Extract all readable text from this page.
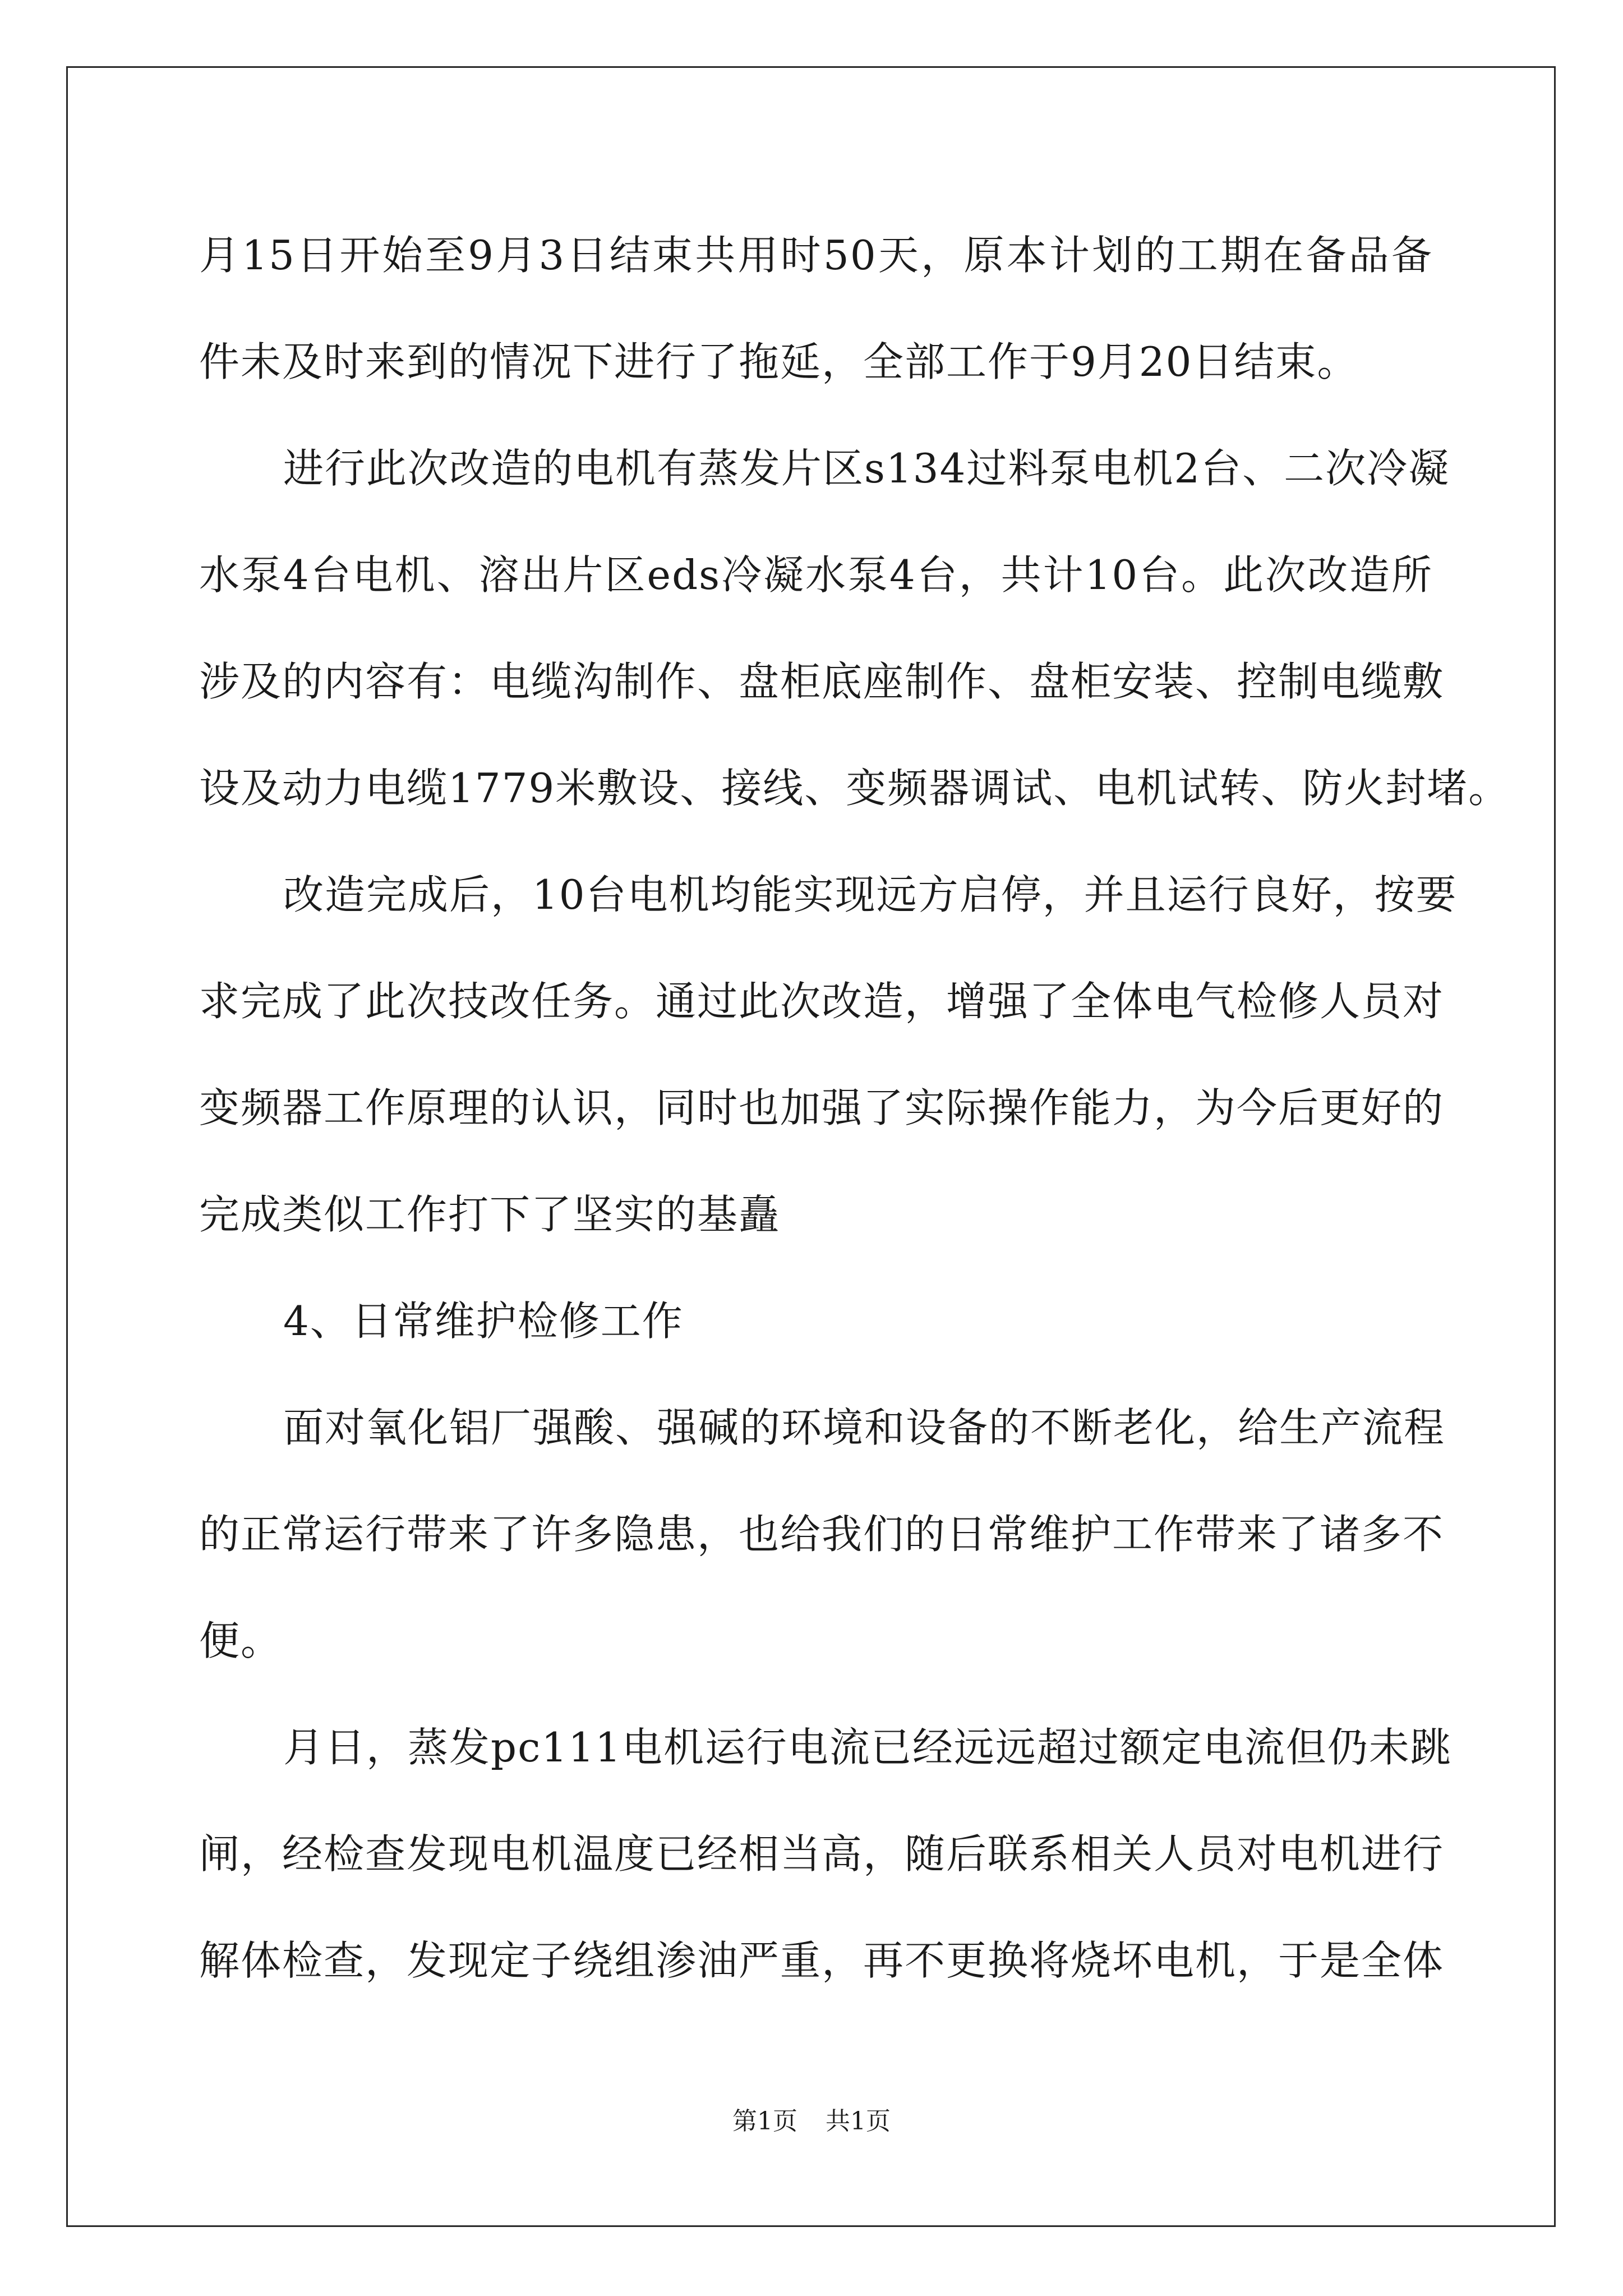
月15日开始至9月3日结束共用时50天，原本计划的工期在备品备
件未及时来到的情况下进行了拖延，全部工作于9月20日结束。
进行此次改造的电机有蒸发片区s134过料泵电机2台、二次冷凝
水泵4台电机、溶出片区eds冷凝水泵4台，共计10台。此次改造所
涉及的内容有：电缆沟制作、盘柜底座制作、盘柜安装、控制电缆敷
设及动力电缆1779米敷设、接线、变频器调试、电机试转、防火封堵。
改造完成后，10台电机均能实现远方启停，并且运行良好，按要
求完成了此次技改任务。通过此次改造，增强了全体电气检修人员对
变频器工作原理的认识，同时也加强了实际操作能力，为今后更好的
完成类似工作打下了坚实的基矗
4、日常维护检修工作
面对氧化铝厂强酸、强碱的环境和设备的不断老化，给生产流程
的正常运行带来了许多隐患，也给我们的日常维护工作带来了诸多不
便。
月日，蒸发pc111电机运行电流已经远远超过额定电流但仍未跳
闸，经检查发现电机温度已经相当高，随后联系相关人员对电机进行
解体检查，发现定子绕组渗油严重，再不更换将烧坏电机，于是全体
第1页 共1页
